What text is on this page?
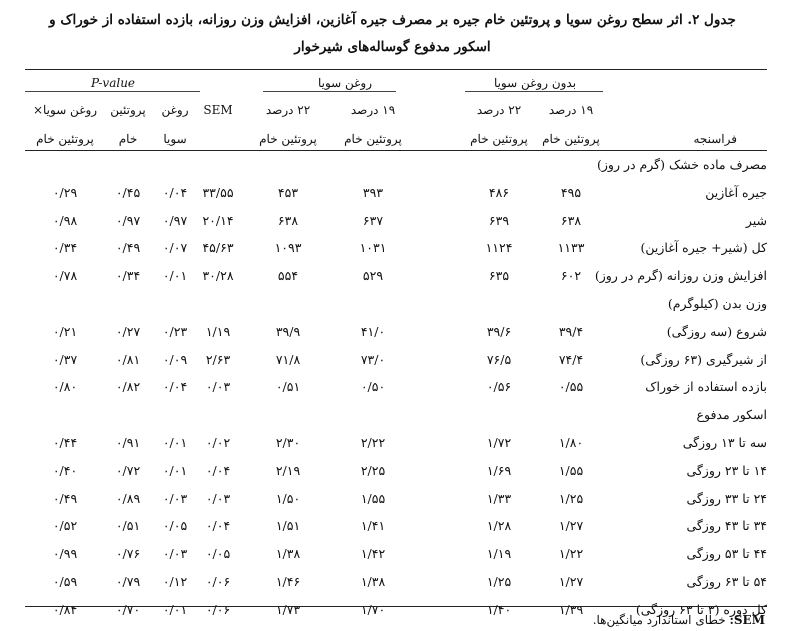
جدول ۲. اثر سطح روغن سویا و پروتئین خام جیره بر مصرف جیره آغازین، افزایش وزن روزانه، بازده استفاده از خوراک و
اسکور مدفوع گوساله‌های شیرخوار
بدون روغن سویا
روغن سویا
P-value
۱۹ درصد
۲۲ درصد
۱۹ درصد
۲۲ درصد
SEM
روغن
پروتئین
روغن سویا×
پروتئین خام
پروتئین خام
پروتئین خام
پروتئین خام
سویا
خام
پروتئین خام	فراسنجه
مصرف ماده خشک (گرم در روز)
جیره آغازین
۴۹۵
۴۸۶
۳۹۳
۴۵۳
۳۳/۵۵
۰/۰۴
۰/۴۵
۰/۲۹
شیر
۶۳۸
۶۳۹
۶۳۷
۶۳۸
۲۰/۱۴
۰/۹۷
۰/۹۷
۰/۹۸
کل (شیر+ جیره آغازین)
۱۱۳۳
۱۱۲۴
۱۰۳۱
۱۰۹۳
۴۵/۶۳
۰/۰۷
۰/۴۹
۰/۳۴
افزایش وزن روزانه (گرم در روز)
۶۰۲
۶۳۵
۵۲۹
۵۵۴
۳۰/۲۸
۰/۰۱
۰/۳۴
۰/۷۸
وزن بدن (کیلوگرم)
شروع (سه روزگی)
۳۹/۴
۳۹/۶
۴۱/۰
۳۹/۹
۱/۱۹
۰/۲۳
۰/۲۷
۰/۲۱
از شیرگیری (۶۳ روزگی)
۷۴/۴
۷۶/۵
۷۳/۰
۷۱/۸
۲/۶۳
۰/۰۹
۰/۸۱
۰/۳۷
بازده استفاده از خوراک
۰/۵۵
۰/۵۶
۰/۵۰
۰/۵۱
۰/۰۳
۰/۰۴
۰/۸۲
۰/۸۰
اسکور مدفوع
سه تا ۱۳ روزگی
۱/۸۰
۱/۷۲
۲/۲۲
۲/۳۰
۰/۰۲
۰/۰۱
۰/۹۱
۰/۴۴
۱۴ تا ۲۳ روزگی
۱/۵۵
۱/۶۹
۲/۲۵
۲/۱۹
۰/۰۴
۰/۰۱
۰/۷۲
۰/۴۰
۲۴ تا ۳۳ روزگی
۱/۲۵
۱/۳۳
۱/۵۵
۱/۵۰
۰/۰۳
۰/۰۳
۰/۸۹
۰/۴۹
۳۴ تا ۴۳ روزگی
۱/۲۷
۱/۲۸
۱/۴۱
۱/۵۱
۰/۰۴
۰/۰۵
۰/۵۱
۰/۵۲
۴۴ تا ۵۳ روزگی
۱/۲۲
۱/۱۹
۱/۴۲
۱/۳۸
۰/۰۵
۰/۰۳
۰/۷۶
۰/۹۹
۵۴ تا ۶۳ روزگی
۱/۲۷
۱/۲۵
۱/۳۸
۱/۴۶
۰/۰۶
۰/۱۲
۰/۷۹
۰/۵۹
کل دوره (۳ تا ۶۳ روزگی)
۱/۳۹
۱/۴۰
۱/۷۰
۱/۷۳
۰/۰۶
۰/۰۱
۰/۷۰
۰/۸۴
SEM: خطای استاندارد میانگین‌ها.
